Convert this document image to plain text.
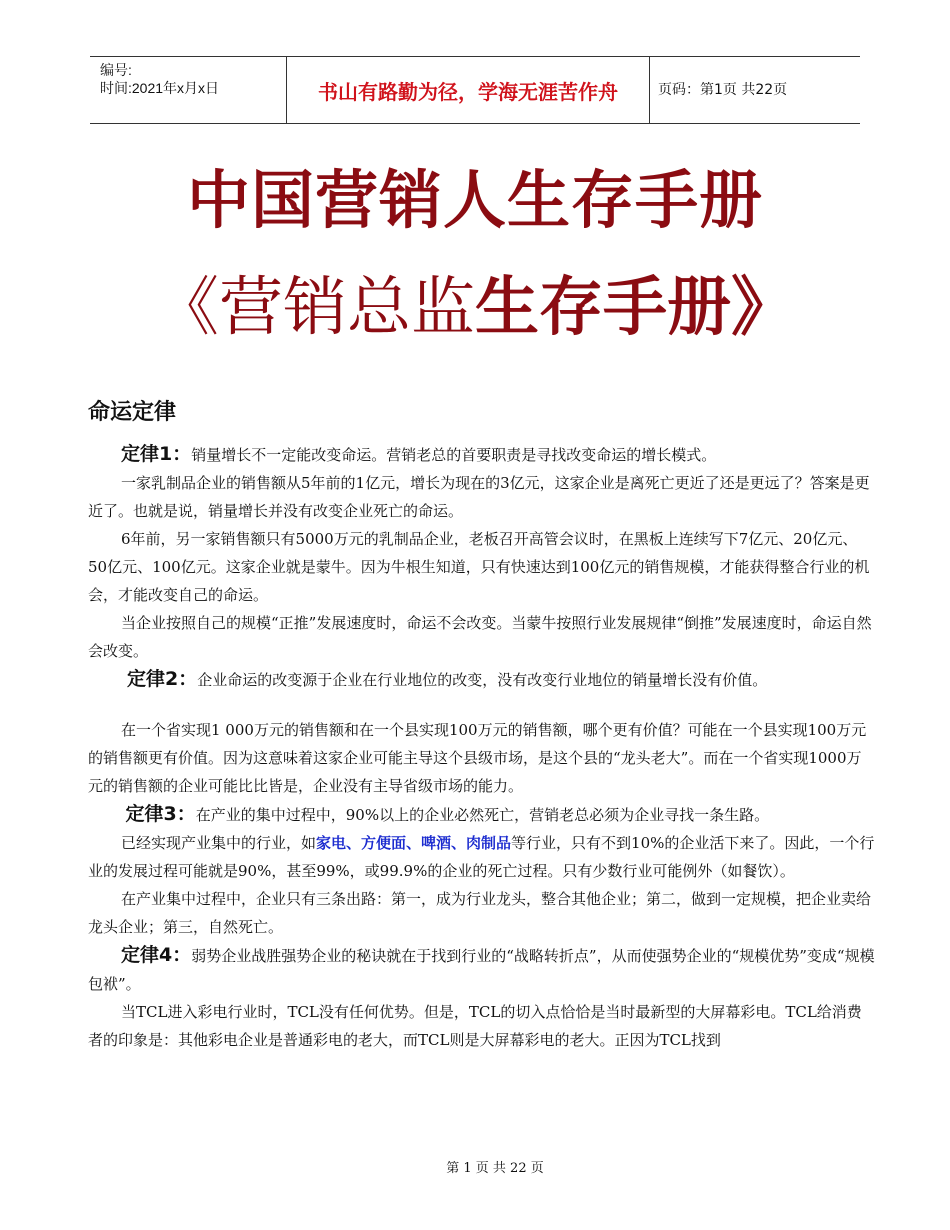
编号:
时间:2021年x月x日	书山有路勤为径，学海无涯苦作舟	页码：第1页 共22页
中国营销人生存手册
《营销总监生存手册》
命运定律

定律1：销量增长不一定能改变命运。营销老总的首要职责是寻找改变命运的增长模式。

一家乳制品企业的销售额从5年前的1亿元，增长为现在的3亿元，这家企业是离死亡更近了还是更远了？答案是更近了。也就是说，销量增长并没有改变企业死亡的命运。

6年前，另一家销售额只有5000万元的乳制品企业，老板召开高管会议时，在黑板上连续写下7亿元、20亿元、50亿元、100亿元。这家企业就是蒙牛。因为牛根生知道，只有快速达到100亿元的销售规模，才能获得整合行业的机会，才能改变自己的命运。

当企业按照自己的规模“正推”发展速度时，命运不会改变。当蒙牛按照行业发展规律“倒推”发展速度时，命运自然会改变。

定律2：企业命运的改变源于企业在行业地位的改变，没有改变行业地位的销量增长没有价值。

在一个省实现1 000万元的销售额和在一个县实现100万元的销售额，哪个更有价值？可能在一个县实现100万元的销售额更有价值。因为这意味着这家企业可能主导这个县级市场，是这个县的“龙头老大”。而在一个省实现1000万元的销售额的企业可能比比皆是，企业没有主导省级市场的能力。

定律3：在产业的集中过程中，90%以上的企业必然死亡，营销老总必须为企业寻找一条生路。

已经实现产业集中的行业，如家电、方便面、啤酒、肉制品等行业，只有不到10%的企业活下来了。因此，一个行业的发展过程可能就是90%，甚至99%，或99.9%的企业的死亡过程。只有少数行业可能例外（如餐饮）。

在产业集中过程中，企业只有三条出路：第一，成为行业龙头，整合其他企业；第二，做到一定规模，把企业卖给龙头企业；第三，自然死亡。

定律4：弱势企业战胜强势企业的秘诀就在于找到行业的“战略转折点”，从而使强势企业的“规模优势”变成“规模包袱”。

当TCL进入彩电行业时，TCL没有任何优势。但是，TCL的切入点恰恰是当时最新型的大屏幕彩电。TCL给消费者的印象是：其他彩电企业是普通彩电的老大，而TCL则是大屏幕彩电的老大。正因为TCL找到

第 1 页 共 22 页
